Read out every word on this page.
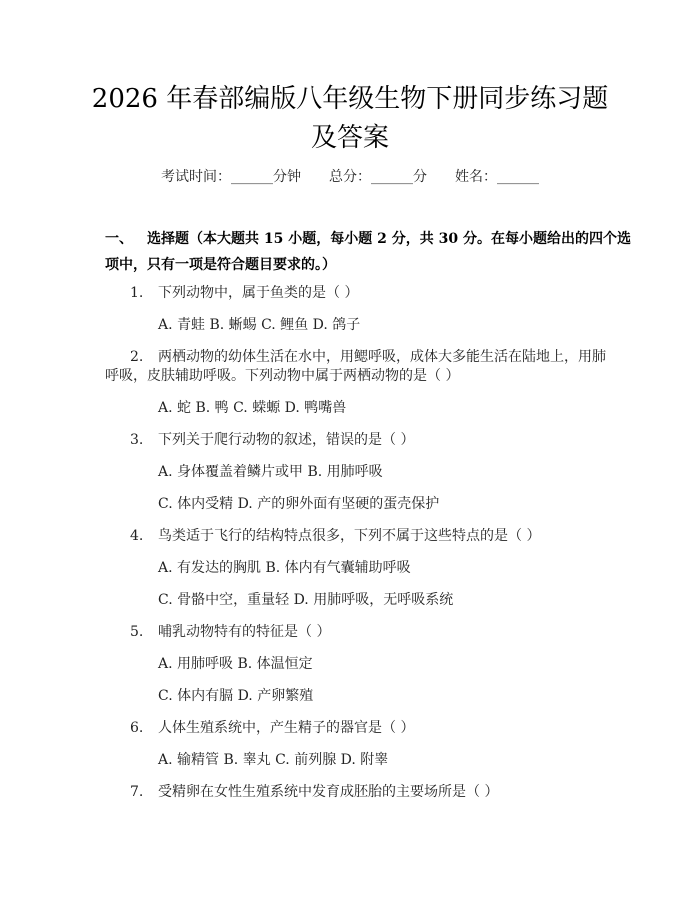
2026 年春部编版八年级生物下册同步练习题
及答案
考试时间：______分钟　　总分：______分　　姓名：______
一、 选择题（本大题共 15 小题，每小题 2 分，共 30 分。在每小题给出的四个选
项中，只有一项是符合题目要求的。）
1. 下列动物中，属于鱼类的是（ ）
A. 青蛙 B. 蜥蜴 C. 鲤鱼 D. 鸽子
2. 两栖动物的幼体生活在水中，用鳃呼吸，成体大多能生活在陆地上，用肺
呼吸，皮肤辅助呼吸。下列动物中属于两栖动物的是（ ）
A. 蛇 B. 鸭 C. 蝾螈 D. 鸭嘴兽
3. 下列关于爬行动物的叙述，错误的是（ ）
A. 身体覆盖着鳞片或甲 B. 用肺呼吸
C. 体内受精 D. 产的卵外面有坚硬的蛋壳保护
4. 鸟类适于飞行的结构特点很多，下列不属于这些特点的是（ ）
A. 有发达的胸肌 B. 体内有气囊辅助呼吸
C. 骨骼中空，重量轻 D. 用肺呼吸，无呼吸系统
5. 哺乳动物特有的特征是（ ）
A. 用肺呼吸 B. 体温恒定
C. 体内有膈 D. 产卵繁殖
6. 人体生殖系统中，产生精子的器官是（ ）
A. 输精管 B. 睾丸 C. 前列腺 D. 附睾
7. 受精卵在女性生殖系统中发育成胚胎的主要场所是（ ）
